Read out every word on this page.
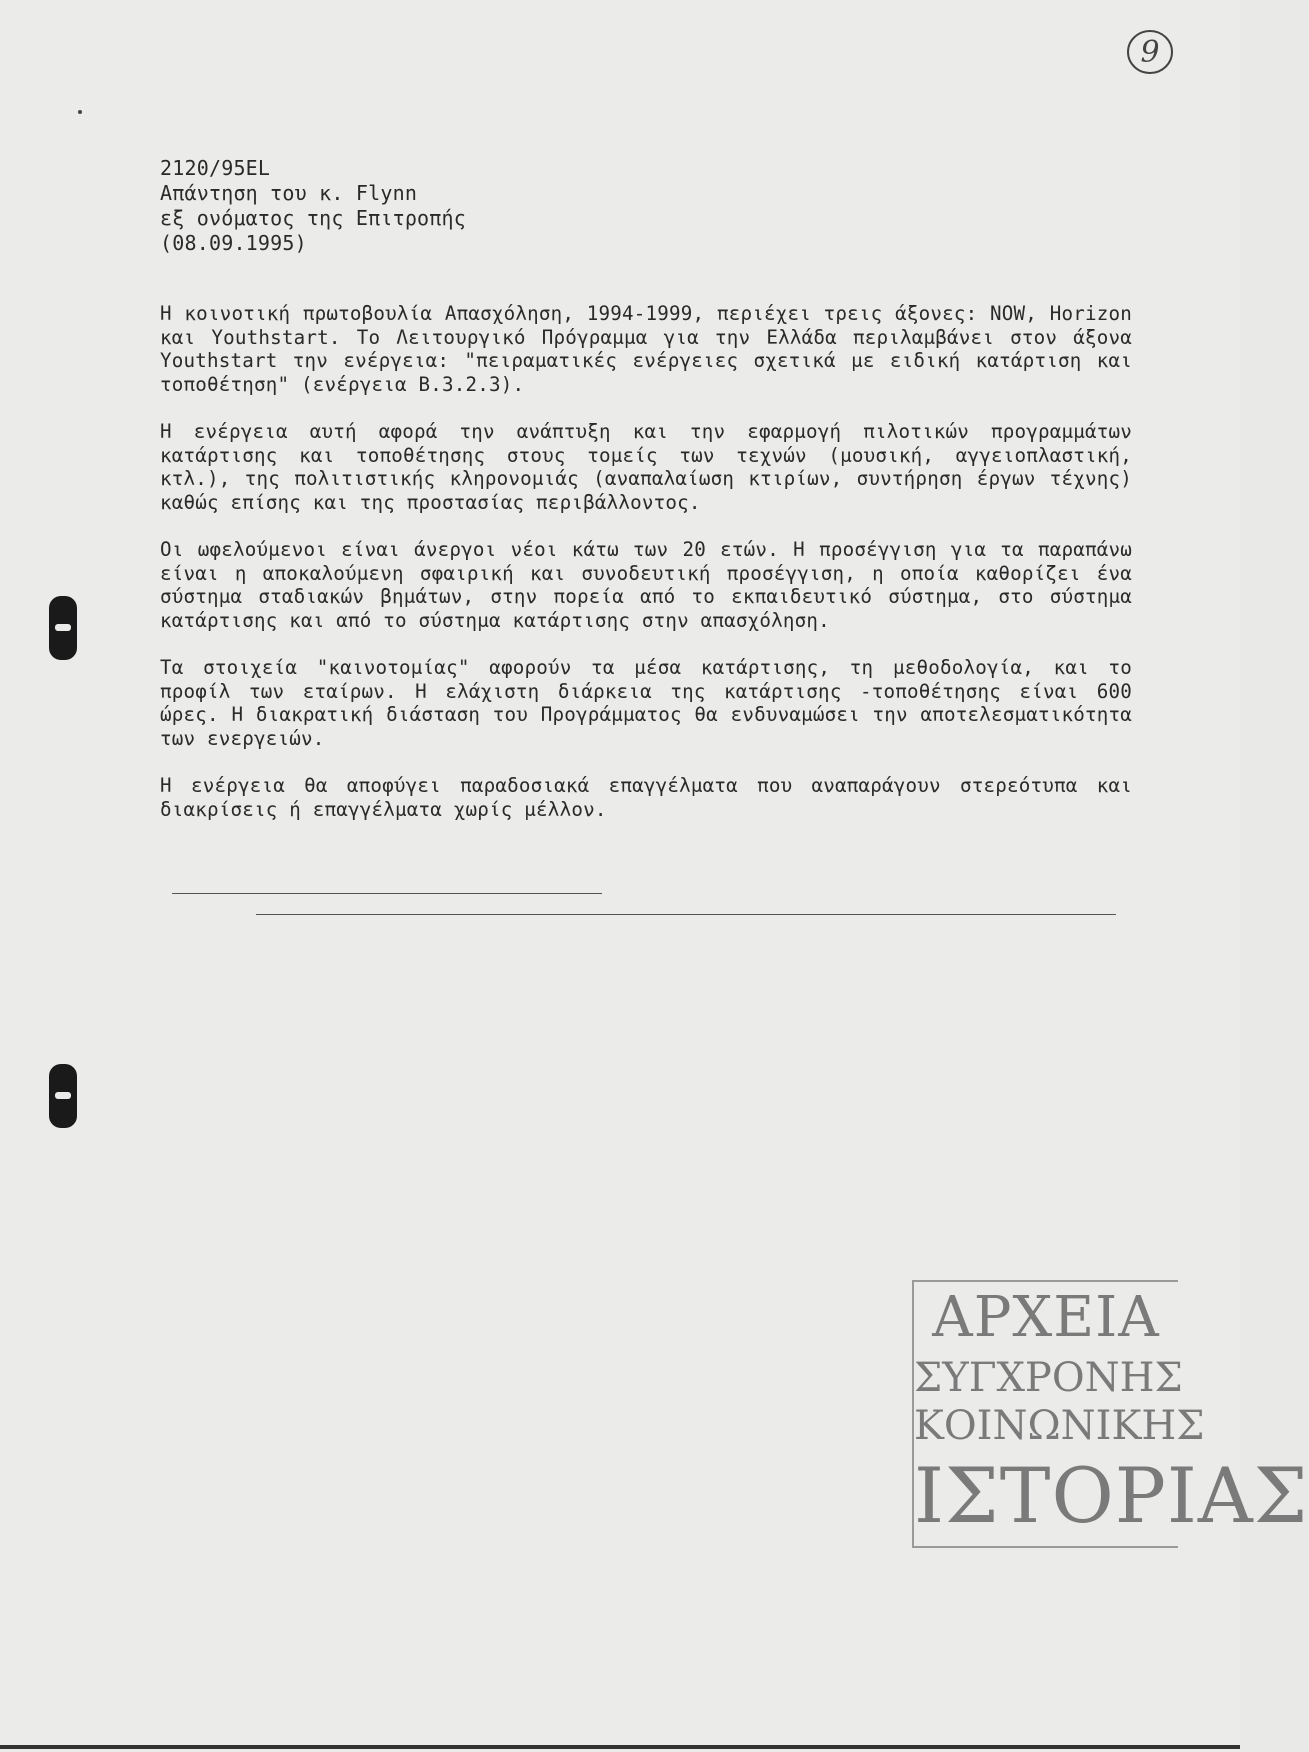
9
2120/95EL
Απάντηση του κ. Flynn
εξ ονόματος της Επιτροπής
(08.09.1995)

Η κοινοτική πρωτοβουλία Απασχόληση, 1994-1999, περιέχει τρεις άξονες: NOW, Horizon και Youthstart. Το Λειτουργικό Πρόγραμμα για την Ελλάδα περιλαμβάνει στον άξονα Youthstart την ενέργεια: "πειραματικές ενέργειες σχετικά με ειδική κατάρτιση και τοποθέτηση" (ενέργεια B.3.2.3).

Η ενέργεια αυτή αφορά την ανάπτυξη και την εφαρμογή πιλοτικών προγραμμάτων κατάρτισης και τοποθέτησης στους τομείς των τεχνών (μουσική, αγγειοπλαστική, κτλ.), της πολιτιστικής κληρονομιάς (αναπαλαίωση κτιρίων, συντήρηση έργων τέχνης) καθώς επίσης και της προστασίας περιβάλλοντος.

Οι ωφελούμενοι είναι άνεργοι νέοι κάτω των 20 ετών. Η προσέγγιση για τα παραπάνω είναι η αποκαλούμενη σφαιρική και συνοδευτική προσέγγιση, η οποία καθορίζει ένα σύστημα σταδιακών βημάτων, στην πορεία από το εκπαιδευτικό σύστημα, στο σύστημα κατάρτισης και από το σύστημα κατάρτισης στην απασχόληση.

Τα στοιχεία "καινοτομίας" αφορούν τα μέσα κατάρτισης, τη μεθοδολογία, και το προφίλ των εταίρων. Η ελάχιστη διάρκεια της κατάρτισης -τοποθέτησης είναι 600 ώρες. Η διακρατική διάσταση του Προγράμματος θα ενδυναμώσει την αποτελεσματικότητα των ενεργειών.

Η ενέργεια θα αποφύγει παραδοσιακά επαγγέλματα που αναπαράγουν στερεότυπα και διακρίσεις ή επαγγέλματα χωρίς μέλλον.

ΑΡΧΕΙΑ
ΣΥΓΧΡΟΝΗΣ
ΚΟΙΝΩΝΙΚΗΣ
ΙΣΤΟΡΙΑΣ
